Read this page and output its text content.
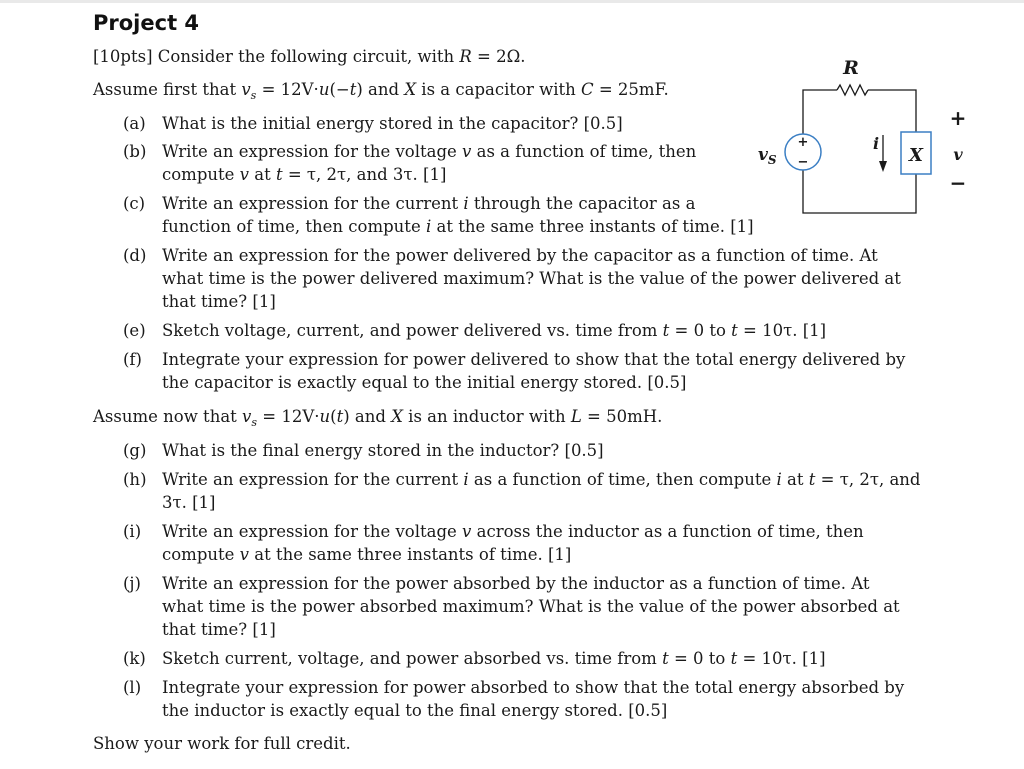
Project 4
[10pts] Consider the following circuit, with R = 2Ω.
Assume first that $v_s = 12V\cdot u(-t)$ and X is a capacitor with C = 25mF.
(a) What is the initial energy stored in the capacitor? [0.5]
(b) Write an expression for the voltage v as a function of time, then
compute v at t = τ, 2τ, and 3τ. [1]
(c) Write an expression for the current i through the capacitor as a
function of time, then compute i at the same three instants of time. [1]
(d) Write an expression for the power delivered by the capacitor as a function of time. At
what time is the power delivered maximum? What is the value of the power delivered at
that time? [1]
(e) Sketch voltage, current, and power delivered vs. time from t = 0 to t = 10τ. [1]
(f) Integrate your expression for power delivered to show that the total energy delivered by
the capacitor is exactly equal to the initial energy stored. [0.5]
Assume now that $v_s = 12V\cdot u(t)$ and X is an inductor with L = 50mH.
(g) What is the final energy stored in the inductor? [0.5]
(h) Write an expression for the current i as a function of time, then compute i at t = τ, 2τ, and
3τ. [1]
(i) Write an expression for the voltage v across the inductor as a function of time, then
compute v at the same three instants of time. [1]
(j) Write an expression for the power absorbed by the inductor as a function of time. At
what time is the power absorbed maximum? What is the value of the power absorbed at
that time? [1]
(k) Sketch current, voltage, and power absorbed vs. time from t = 0 to t = 10τ. [1]
(l) Integrate your expression for power absorbed to show that the total energy absorbed by
the inductor is exactly equal to the final energy stored. [0.5]
Show your work for full credit.
R
+
−
$v_S$
i
X
+
v
−
